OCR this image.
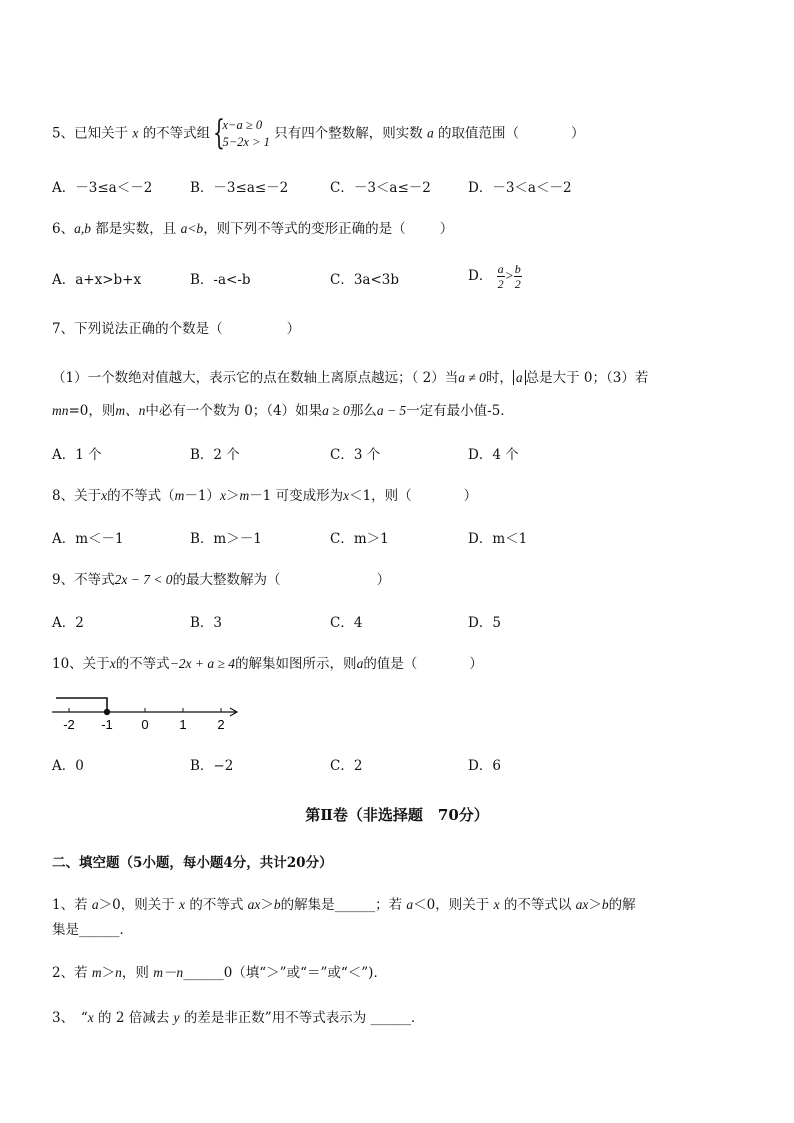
5、已知关于 x 的不等式组 {
x−a ≥ 0
5−2x > 1
只有四个整数解，则实数 a 的取值范围（	）
A．－3≤a＜－2	B．－3≤a≤－2	C．－3＜a≤－2	D．－3＜a＜－2
6、a,b 都是实数，且 a<b，则下列不等式的变形正确的是（	）
A．a+x>b+x	B．-a<-b	C．3a<3b	D． $\frac{a}{2} > \frac{b}{2}$
7、下列说法正确的个数是（	）
（1）一个数绝对值越大，表示它的点在数轴上离原点越远；（ 2）当a ≠ 0时， a 总是大于 0；（3）若
mn=0，则m、n中必有一个数为 0；（4）如果a ≥ 0那么a − 5一定有最小值-5．
A．1 个	B．2 个	C．3 个	D．4 个
8、关于x的不等式（m－1）x＞m－1 可变成形为x＜1，则（	）
A．m＜－1	B．m＞－1	C．m＞1	D．m＜1
9、不等式2x − 7 < 0的最大整数解为（	）
A．2	B．3	C．4	D．5
10、关于x的不等式−2x + a ≥ 4的解集如图所示，则a的值是（	）
-2 -1 0 1 2
A．0	B．−2	C．2	D．6
第Ⅱ卷（非选择题　70分）
二、填空题（5小题，每小题4分，共计20分）
1、若 a＞0，则关于 x 的不等式 ax＞b的解集是______；若 a＜0，则关于 x 的不等式以 ax＞b的解
集是______．
2、若 m＞n，则 m－n______0（填“＞”或“＝”或“＜”)．
3、　“x 的 2 倍减去 y 的差是非正数”用不等式表示为 ______．
